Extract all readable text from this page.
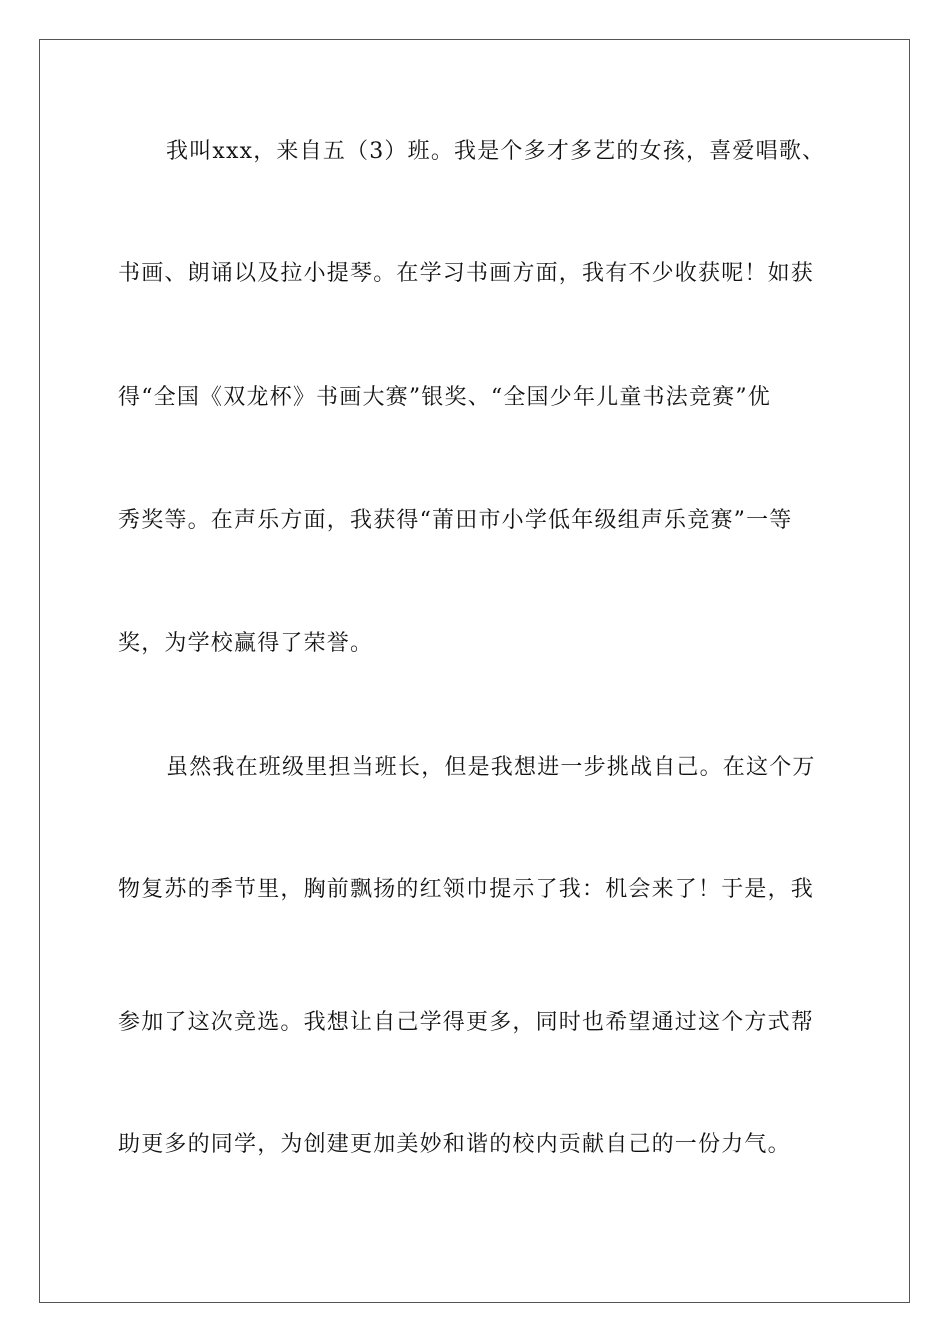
我叫xxx，来自五（3）班。我是个多才多艺的女孩，喜爱唱歌、
书画、朗诵以及拉小提琴。在学习书画方面，我有不少收获呢！如获
得“全国《双龙杯》书画大赛”银奖、“全国少年儿童书法竞赛”优
秀奖等。在声乐方面，我获得“莆田市小学低年级组声乐竞赛”一等
奖，为学校赢得了荣誉。
虽然我在班级里担当班长，但是我想进一步挑战自己。在这个万
物复苏的季节里，胸前飘扬的红领巾提示了我：机会来了！于是，我
参加了这次竞选。我想让自己学得更多，同时也希望通过这个方式帮
助更多的同学，为创建更加美妙和谐的校内贡献自己的一份力气。
